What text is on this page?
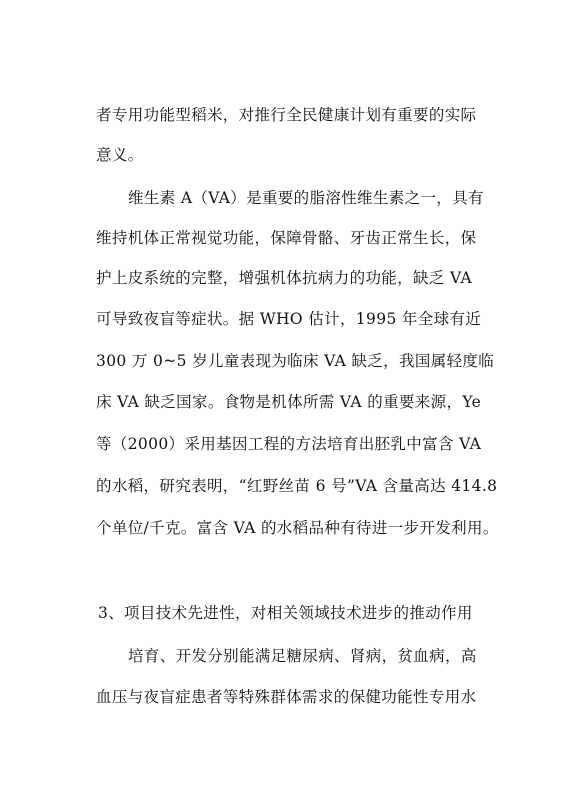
者专用功能型稻米，对推行全民健康计划有重要的实际
意义。
维生素 A（VA）是重要的脂溶性维生素之一，具有
维持机体正常视觉功能，保障骨骼、牙齿正常生长，保
护上皮系统的完整，增强机体抗病力的功能，缺乏 VA
可导致夜盲等症状。据 WHO 估计，1995 年全球有近
300 万 0~5 岁儿童表现为临床 VA 缺乏，我国属轻度临
床 VA 缺乏国家。食物是机体所需 VA 的重要来源，Ye
等（2000）采用基因工程的方法培育出胚乳中富含 VA
的水稻，研究表明，“红野丝苗 6 号”VA 含量高达 414.8
个单位/千克。富含 VA 的水稻品种有待进一步开发利用。
3、项目技术先进性，对相关领域技术进步的推动作用
培育、开发分别能满足糖尿病、肾病，贫血病，高
血压与夜盲症患者等特殊群体需求的保健功能性专用水
